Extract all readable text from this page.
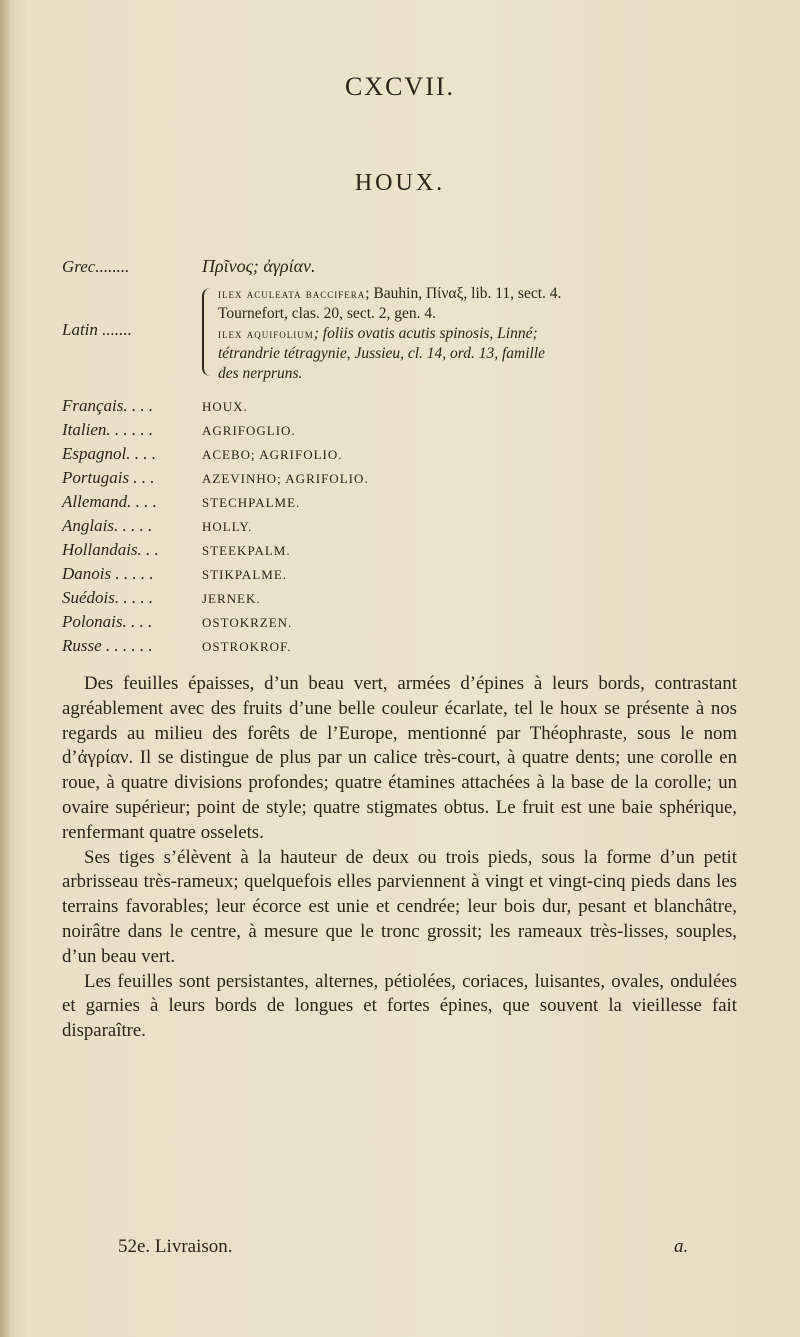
CXCVII.
HOUX.
Grec........	Πρῖνος; ἀγρίαν.
Latin .......
ilex aculeata bacciferа; Bauhin, Πίναξ, lib. 11, sect. 4.
Tournefort, clas. 20, sect. 2, gen. 4.
ilex aquifolium; foliis ovatis acutis spinosis, Linné;
tétrandrie tétragynie, Jussieu, cl. 14, ord. 13, famille
des nerpruns.
Français. . . .	HOUX.
Italien. . . . . .	AGRIFOGLIO.
Espagnol. . . .	ACEBO; AGRIFOLIO.
Portugais . . .	AZEVINHO; AGRIFOLIO.
Allemand. . . .	STECHPALME.
Anglais. . . . .	HOLLY.
Hollandais. . .	STEEKPALM.
Danois . . . . .	STIKPALME.
Suédois. . . . .	JERNEK.
Polonais. . . .	OSTOKRZEN.
Russe . . . . . .	OSTROKROF.

Des feuilles épaisses, d’un beau vert, armées d’épines à leurs bords, contrastant agréablement avec des fruits d’une belle couleur écarlate, tel le houx se présente à nos regards au milieu des forêts de l’Europe, mentionné par Théophraste, sous le nom d’ἀγρίαν. Il se distingue de plus par un calice très-court, à quatre dents; une corolle en roue, à quatre divisions profondes; quatre étamines attachées à la base de la corolle; un ovaire supérieur; point de style; quatre stigmates obtus. Le fruit est une baie sphérique, renfermant quatre osselets.

Ses tiges s’élèvent à la hauteur de deux ou trois pieds, sous la forme d’un petit arbrisseau très-rameux; quelquefois elles parviennent à vingt et vingt-cinq pieds dans les terrains favorables; leur écorce est unie et cendrée; leur bois dur, pesant et blanchâtre, noirâtre dans le centre, à mesure que le tronc grossit; les rameaux très-lisses, souples, d’un beau vert.

Les feuilles sont persistantes, alternes, pétiolées, coriaces, luisantes, ovales, ondulées et garnies à leurs bords de longues et fortes épines, que souvent la vieillesse fait disparaître.

52e. Livraison.	a.
